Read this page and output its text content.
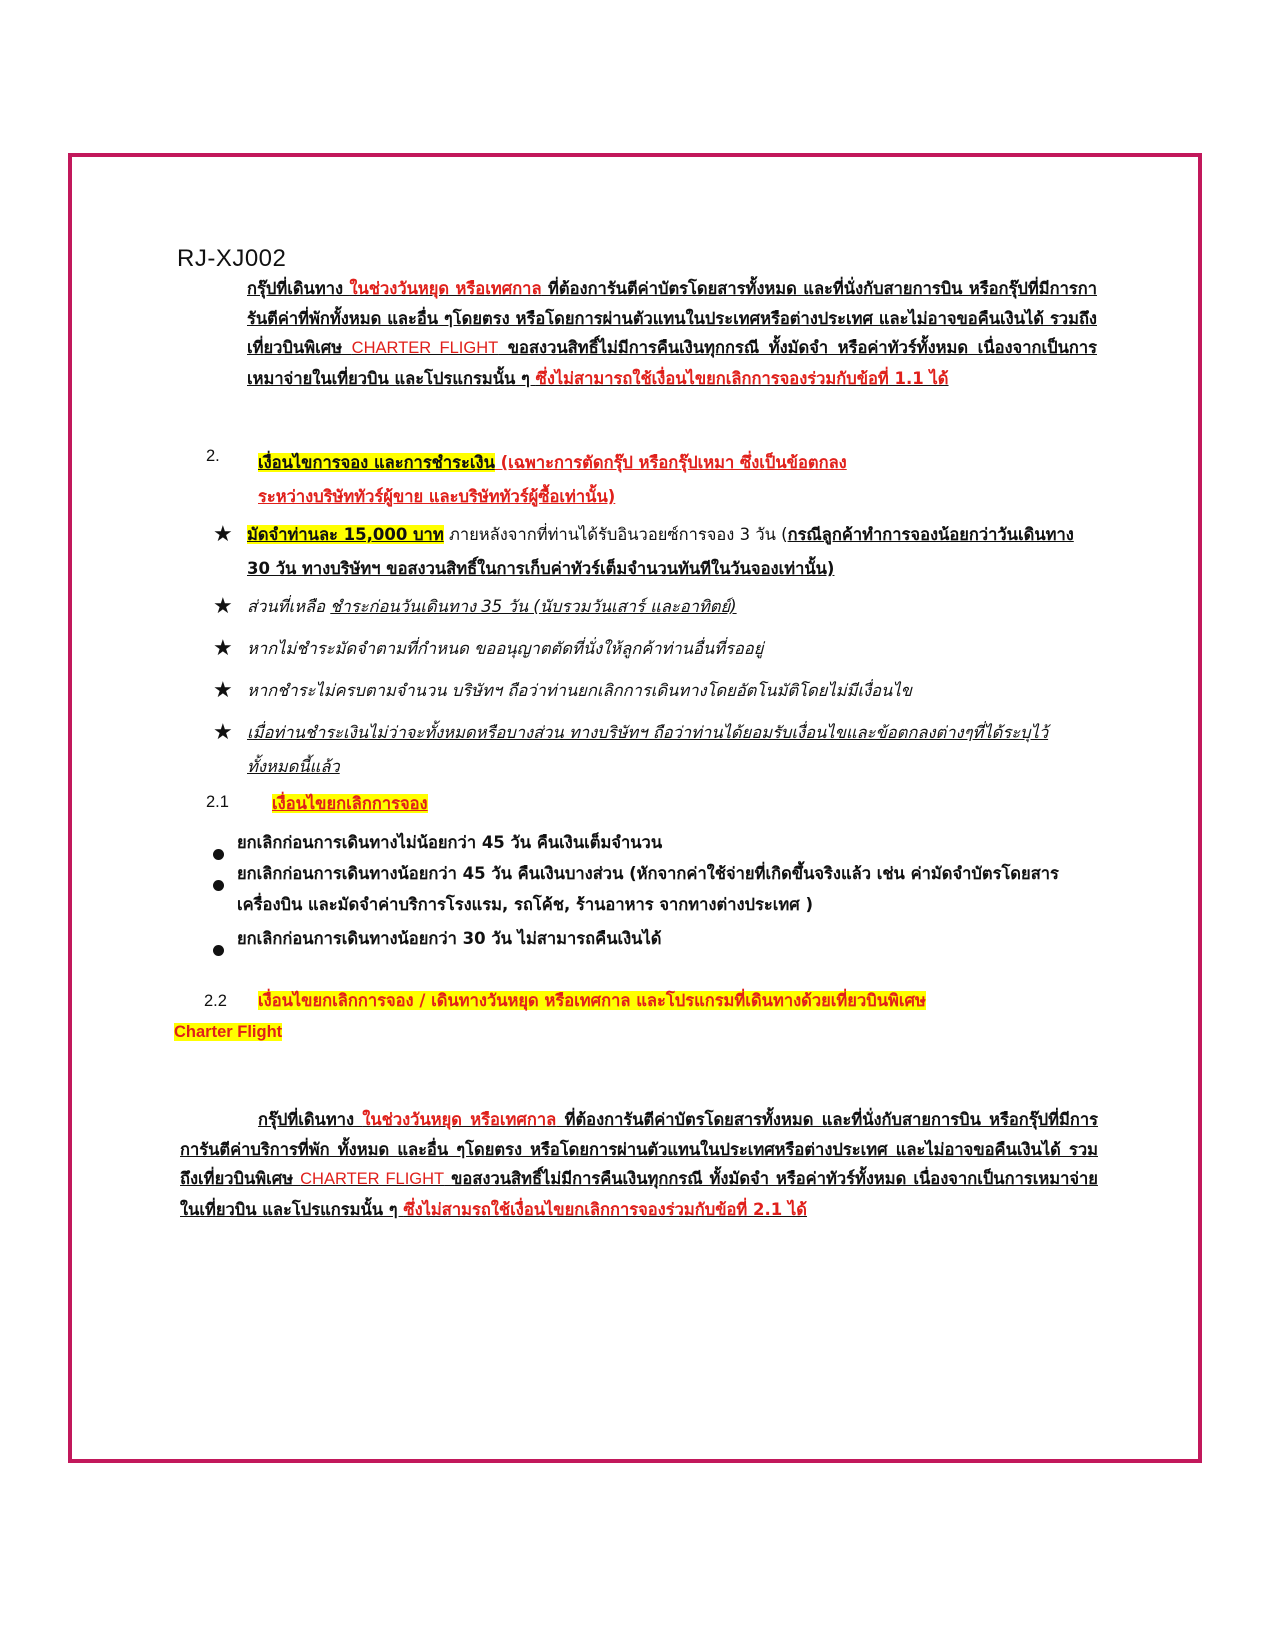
RJ-XJ002
กรุ๊ปที่เดินทาง ในช่วงวันหยุด หรือเทศกาล ที่ต้องการันตีค่าบัตรโดยสารทั้งหมด และที่นั่งกับสายการบิน หรือกรุ๊ปที่มีการการันตีค่าที่พักทั้งหมด และอื่น ๆโดยตรง หรือโดยการผ่านตัวแทนในประเทศหรือต่างประเทศ และไม่อาจขอคืนเงินได้ รวมถึงเที่ยวบินพิเศษ CHARTER FLIGHT ขอสงวนสิทธิ์ไม่มีการคืนเงินทุกกรณี ทั้งมัดจำ หรือค่าทัวร์ทั้งหมด เนื่องจากเป็นการเหมาจ่ายในเที่ยวบิน และโปรแกรมนั้น ๆ ซึ่งไม่สามารถใช้เงื่อนไขยกเลิกการจองร่วมกับข้อที่ 1.1 ได้
2. เงื่อนไขการจอง และการชำระเงิน (เฉพาะการตัดกรุ๊ป หรือกรุ๊ปเหมา ซึ่งเป็นข้อตกลง
ระหว่างบริษัททัวร์ผู้ขาย และบริษัททัวร์ผู้ซื้อเท่านั้น)
★ มัดจำท่านละ 15,000 บาท ภายหลังจากที่ท่านได้รับอินวอยซ์การจอง 3 วัน (กรณีลูกค้าทำการจองน้อยกว่าวันเดินทาง 30 วัน ทางบริษัทฯ ขอสงวนสิทธิ์ในการเก็บค่าทัวร์เต็มจำนวนทันทีในวันจองเท่านั้น)
★ ส่วนที่เหลือ ชำระก่อนวันเดินทาง 35 วัน (นับรวมวันเสาร์ และอาทิตย์)
★ หากไม่ชำระมัดจำตามที่กำหนด ขออนุญาตตัดที่นั่งให้ลูกค้าท่านอื่นที่รออยู่
★ หากชำระไม่ครบตามจำนวน บริษัทฯ ถือว่าท่านยกเลิกการเดินทางโดยอัตโนมัติโดยไม่มีเงื่อนไข
★ เมื่อท่านชำระเงินไม่ว่าจะทั้งหมดหรือบางส่วน ทางบริษัทฯ ถือว่าท่านได้ยอมรับเงื่อนไขและข้อตกลงต่างๆที่ได้ระบุไว้ทั้งหมดนี้แล้ว
2.1	เงื่อนไขยกเลิกการจอง
ยกเลิกก่อนการเดินทางไม่น้อยกว่า 45 วัน คืนเงินเต็มจำนวน
ยกเลิกก่อนการเดินทางน้อยกว่า 45 วัน คืนเงินบางส่วน (หักจากค่าใช้จ่ายที่เกิดขึ้นจริงแล้ว เช่น ค่ามัดจำบัตรโดยสารเครื่องบิน และมัดจำค่าบริการโรงแรม, รถโค้ช, ร้านอาหาร จากทางต่างประเทศ )
ยกเลิกก่อนการเดินทางน้อยกว่า 30 วัน ไม่สามารถคืนเงินได้
2.2 เงื่อนไขยกเลิกการจอง / เดินทางวันหยุด หรือเทศกาล และโปรแกรมที่เดินทางด้วยเที่ยวบินพิเศษ
Charter Flight
กรุ๊ปที่เดินทาง ในช่วงวันหยุด หรือเทศกาล ที่ต้องการันตีค่าบัตรโดยสารทั้งหมด และที่นั่งกับสายการบิน หรือกรุ๊ปที่มีการการันตีค่าบริการที่พัก ทั้งหมด และอื่น ๆโดยตรง หรือโดยการผ่านตัวแทนในประเทศหรือต่างประเทศ และไม่อาจขอคืนเงินได้ รวมถึงเที่ยวบินพิเศษ CHARTER FLIGHT ขอสงวนสิทธิ์ไม่มีการคืนเงินทุกกรณี ทั้งมัดจำ หรือค่าทัวร์ทั้งหมด เนื่องจากเป็นการเหมาจ่ายในเที่ยวบิน และโปรแกรมนั้น ๆ ซึ่งไม่สามรถใช้เงื่อนไขยกเลิกการจองร่วมกับข้อที่ 2.1 ได้
